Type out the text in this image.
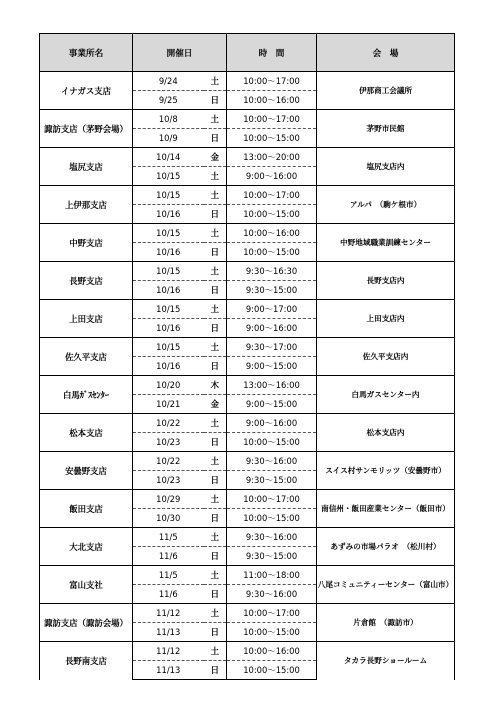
事業所名	開催日		時　間	会　場
イナガス支店	9/24	土	10:00～17:00	伊那商工会議所
	9/25	日	10:00～16:00	
諏訪支店（茅野会場）	10/8	土	10:00～17:00	茅野市民館
	10/9	日	10:00～15:00	
塩尻支店	10/14	金	13:00～20:00	塩尻支店内
	10/15	土	9:00～16:00	
上伊那支店	10/15	土	10:00～17:00	アルパ　（駒ケ根市）
	10/16	日	10:00～15:00	
中野支店	10/15	土	10:00～16:00	中野地域職業訓練センター
	10/16	日	10:00～15:00	
長野支店	10/15	土	9:30～16:30	長野支店内
	10/16	日	9:30～15:00	
上田支店	10/15	土	9:00～17:00	上田支店内
	10/16	日	9:00～16:00	
佐久平支店	10/15	土	9:30～17:00	佐久平支店内
	10/16	日	9:00～15:00	
白馬ｶﾞｽｾﾝﾀｰ	10/20	木	13:00～16:00	白馬ガスセンター内
	10/21	金	9:00～15:00	
松本支店	10/22	土	9:00～16:00	松本支店内
	10/23	日	10:00～15:00	
安曇野支店	10/22	土	9:30～16:00	スイス村サンモリッツ（安曇野市）
	10/23	日	9:30～15:00	
飯田支店	10/29	土	10:00～17:00	南信州・飯田産業センター（飯田市）
	10/30	日	10:00～15:00	
大北支店	11/5	土	9:30～16:00	あずみの市場パラオ　（松川村）
	11/6	日	9:30～15:00	
富山支社	11/5	土	11:00～18:00	八尾コミュニティーセンター（富山市）
	11/6	日	9:30～16:00	
諏訪支店（諏訪会場）	11/12	土	10:00～17:00	片倉館　（諏訪市）
	11/13	日	10:00～15:00	
長野南支店	11/12	土	10:00～16:00	タカラ長野ショールーム
	11/13	日	10:00～15:00	
